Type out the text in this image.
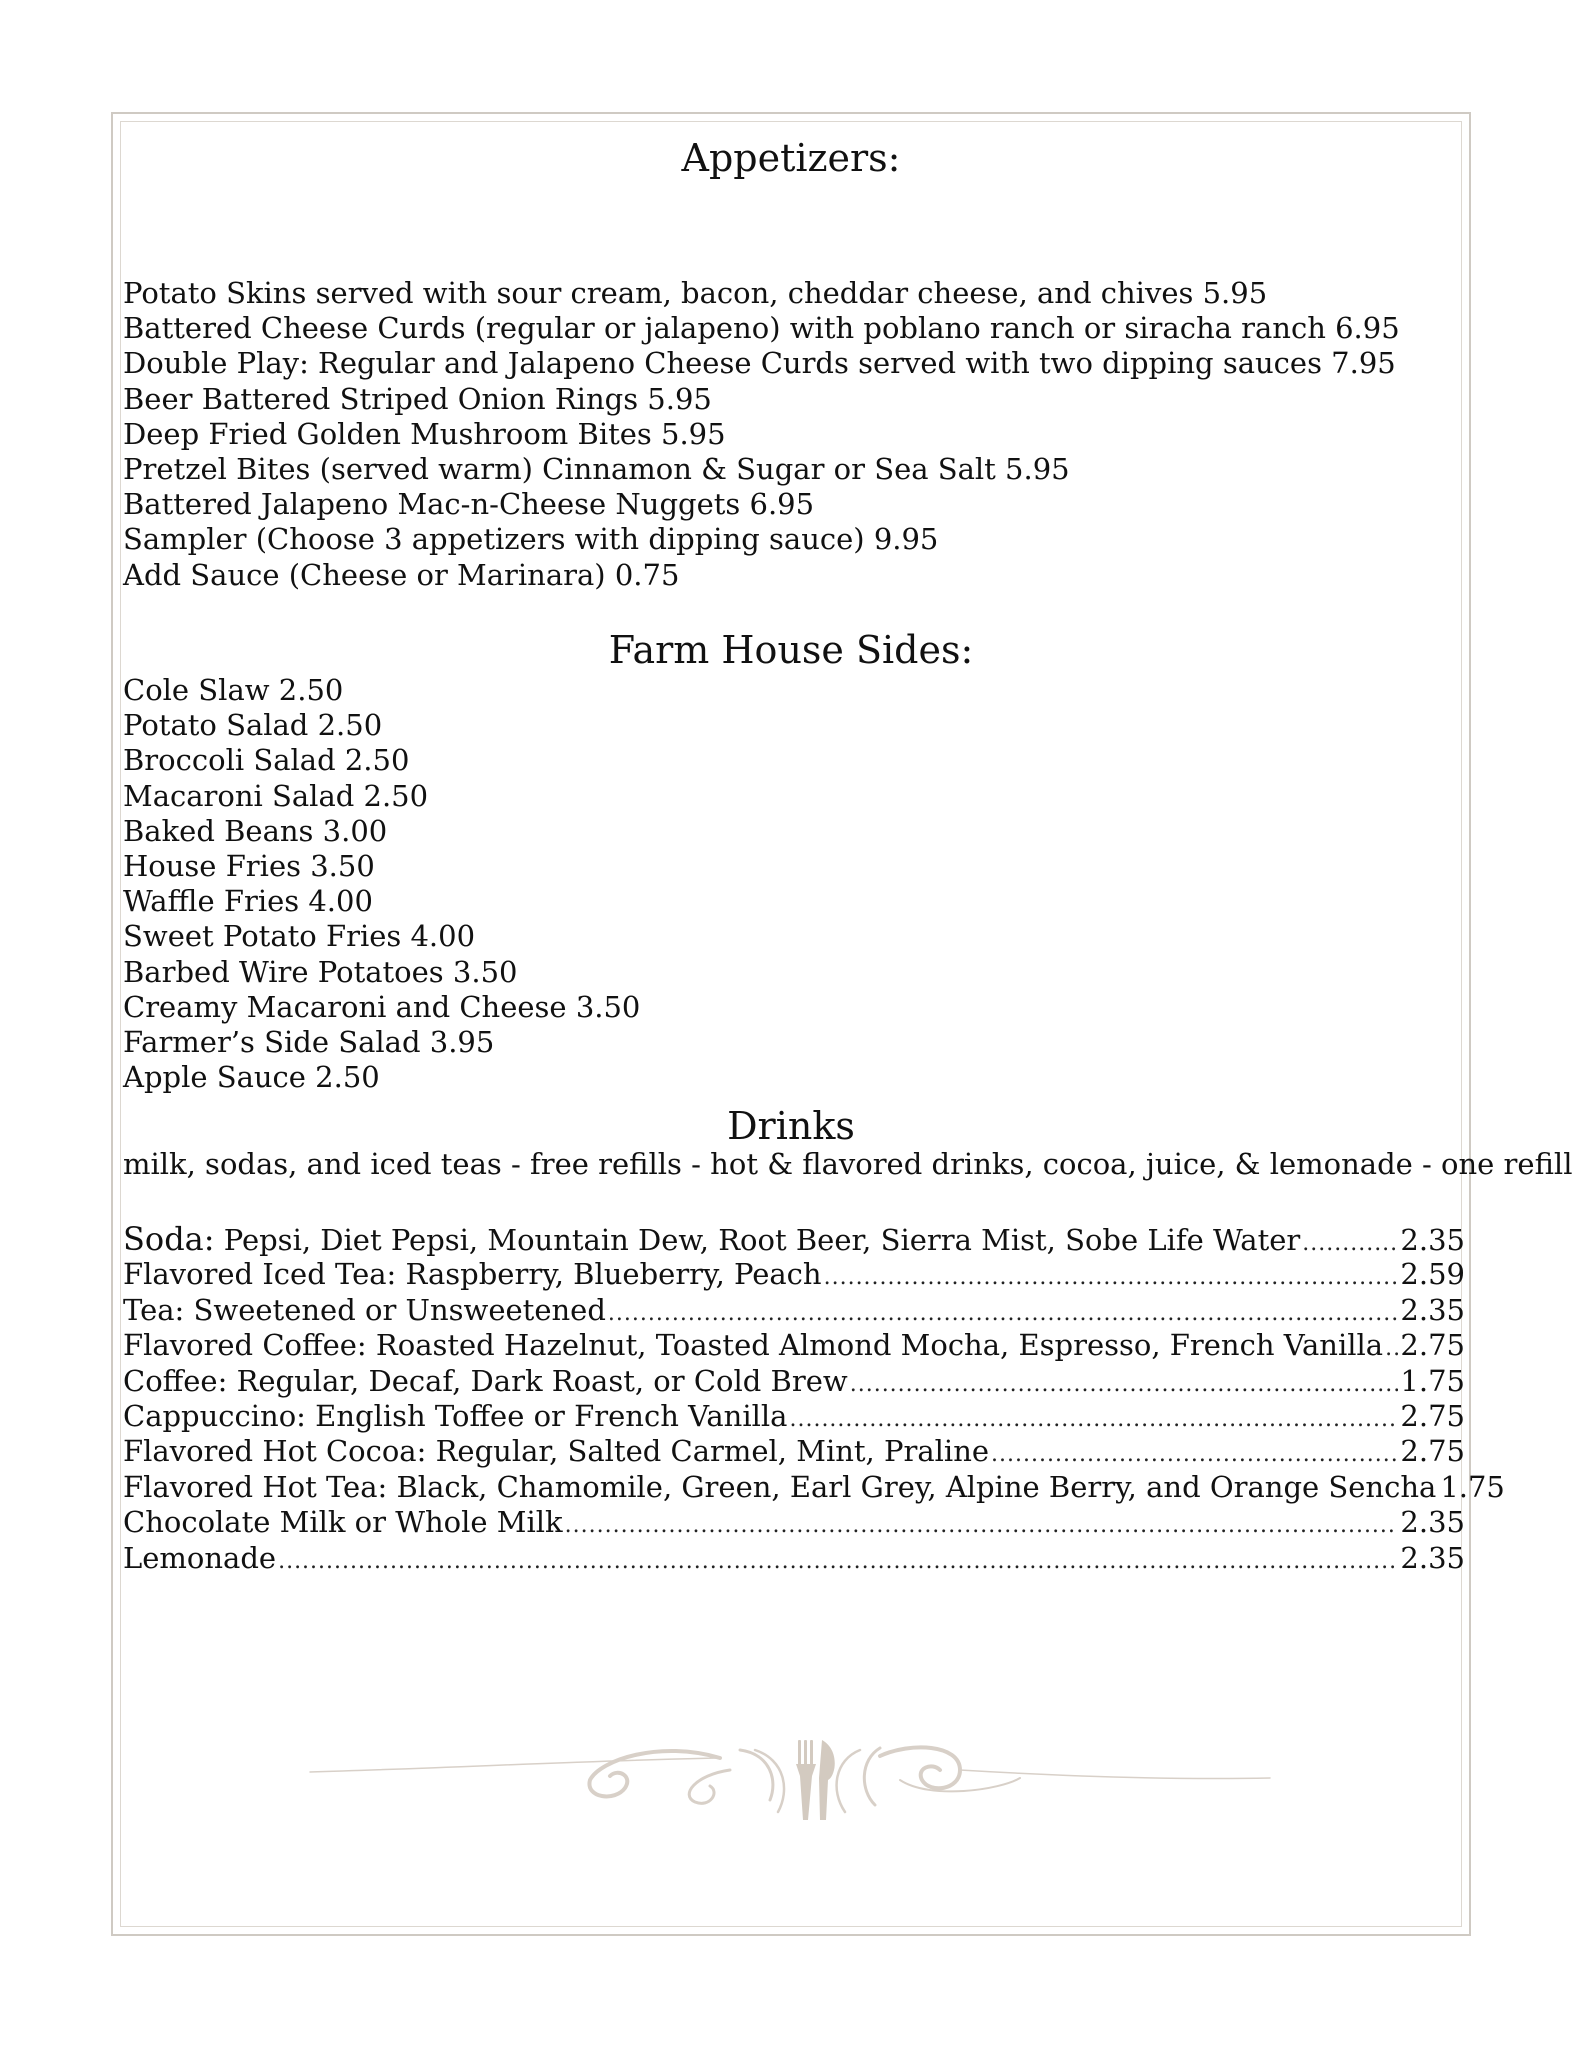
Appetizers:
Potato Skins served with sour cream, bacon, cheddar cheese, and chives 5.95
Battered Cheese Curds (regular or jalapeno) with poblano ranch or siracha ranch 6.95
Double Play: Regular and Jalapeno Cheese Curds served with two dipping sauces 7.95
Beer Battered Striped Onion Rings 5.95
Deep Fried Golden Mushroom Bites 5.95
Pretzel Bites (served warm) Cinnamon & Sugar or Sea Salt 5.95
Battered Jalapeno Mac-n-Cheese Nuggets 6.95
Sampler (Choose 3 appetizers with dipping sauce) 9.95
Add Sauce (Cheese or Marinara) 0.75
Farm House Sides:
Cole Slaw 2.50
Potato Salad 2.50
Broccoli Salad 2.50
Macaroni Salad 2.50
Baked Beans 3.00
House Fries 3.50
Waffle Fries 4.00
Sweet Potato Fries 4.00
Barbed Wire Potatoes 3.50
Creamy Macaroni and Cheese 3.50
Farmer’s Side Salad 3.95
Apple Sauce 2.50
Drinks
milk, sodas, and iced teas - free refills - hot & flavored drinks, cocoa, juice, & lemonade - one refill
Soda: Pepsi, Diet Pepsi, Mountain Dew, Root Beer, Sierra Mist, Sobe Life Water .....	2.35
Flavored Iced Tea: Raspberry, Blueberry, Peach .....	2.59
Tea: Sweetened or Unsweetened .....	2.35
Flavored Coffee: Roasted Hazelnut, Toasted Almond Mocha, Espresso, French Vanilla ..... 2.75
Coffee: Regular, Decaf, Dark Roast, or Cold Brew .....	1.75
Cappuccino: English Toffee or French Vanilla .....	2.75
Flavored Hot Cocoa: Regular, Salted Carmel, Mint, Praline .....	2.75
Flavored Hot Tea: Black, Chamomile, Green, Earl Grey, Alpine Berry, and Orange Sencha 1.75
Chocolate Milk or Whole Milk .....	2.35
Lemonade .....	2.35
